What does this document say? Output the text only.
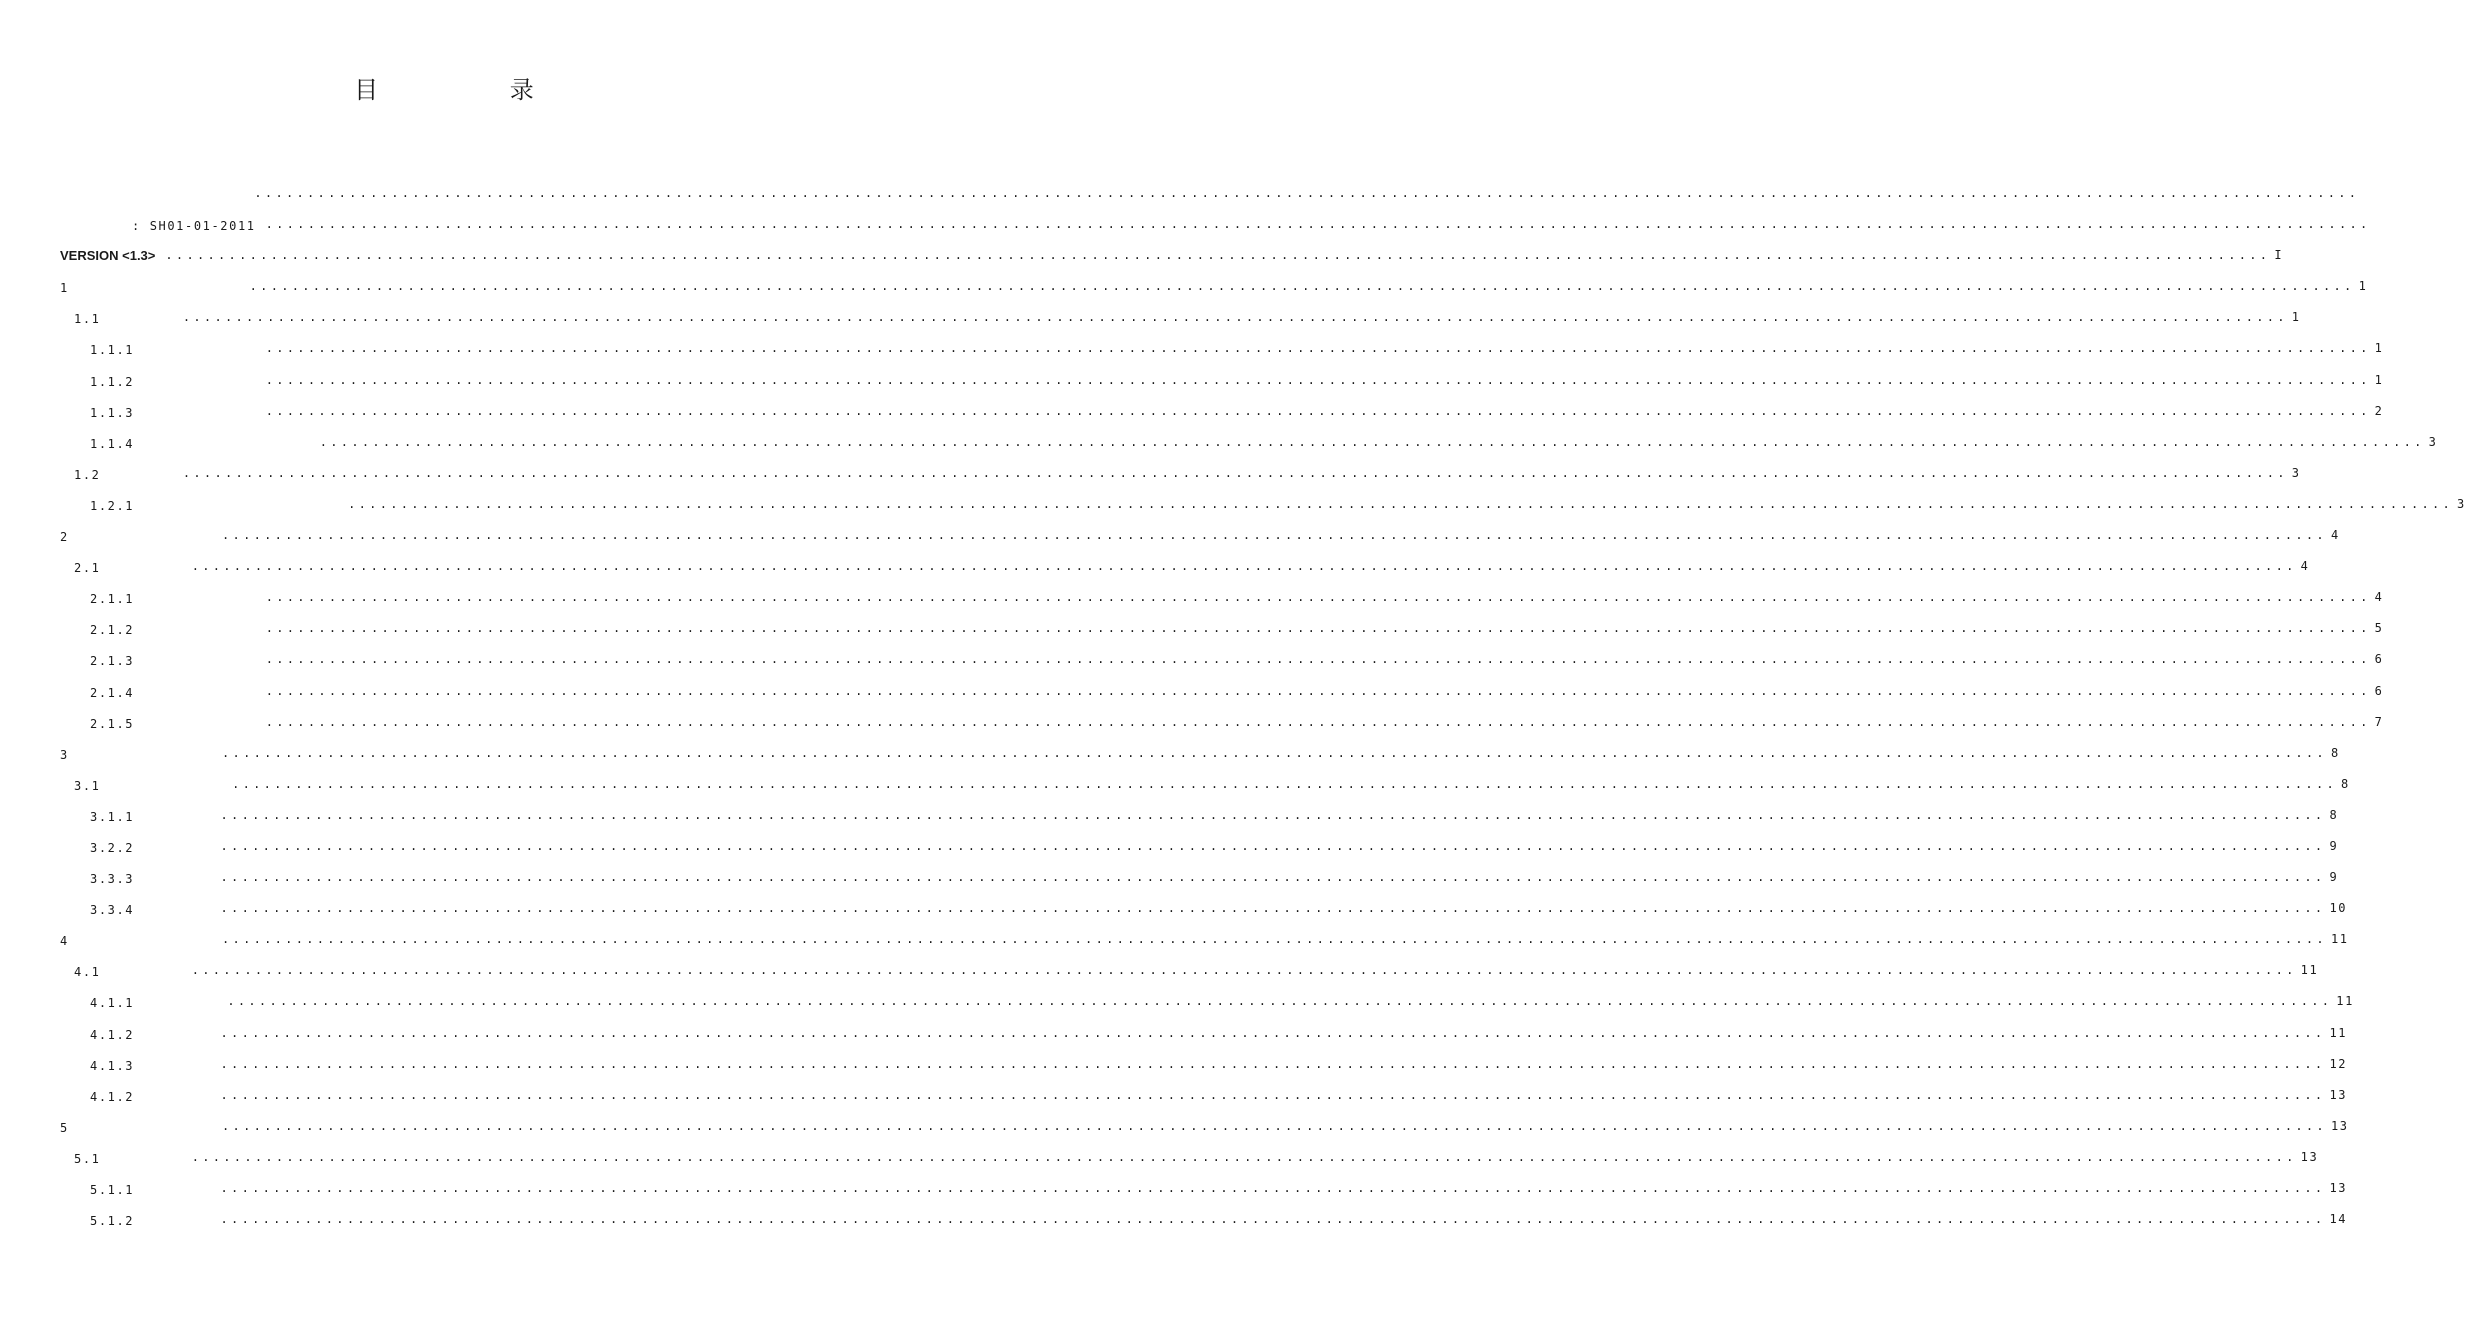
目 录

........................................................................................................................................................................................................

　　　　  : SH01-01-2011 ........................................................................................................................................................................................................

VERSION <1.3> ........................................................................................................................................................................................................ I
1　　　　　　　　	........................................................................................................................................................................................................ 1
1.1　　　　 ........................................................................................................................................................................................................ 1
1.1.1　　　　　　	........................................................................................................................................................................................................ 1
1.1.2　　　　　　	........................................................................................................................................................................................................ 1
1.1.3　　　　　　	........................................................................................................................................................................................................ 2
1.1.4 　　　　　　　　	........................................................................................................................................................................................................ 3
1.2　　　　 ........................................................................................................................................................................................................ 3
1.2.1　　　　　　　　　　	........................................................................................................................................................................................................ 3
2　　　　　　　	........................................................................................................................................................................................................ 4
2.1 　　　　 ........................................................................................................................................................................................................ 4
2.1.1　　　　　　	........................................................................................................................................................................................................ 4
2.1.2　　　　　　	........................................................................................................................................................................................................ 5
2.1.3　　　　　　	........................................................................................................................................................................................................ 6
2.1.4　　　　　　	........................................................................................................................................................................................................ 6
2.1.5　　　　　　	........................................................................................................................................................................................................ 7
3　　　　　　　	........................................................................................................................................................................................................ 8
3.1　　　　　　	........................................................................................................................................................................................................ 8
3.1.1　　　　	........................................................................................................................................................................................................ 8
3.2.2　　　　	........................................................................................................................................................................................................ 9
3.3.3　　　　	........................................................................................................................................................................................................ 9
3.3.4　　　　	........................................................................................................................................................................................................ 10
4　　　　　　　	........................................................................................................................................................................................................ 11
4.1 　　　　 ........................................................................................................................................................................................................ 11
4.1.1 　　　　	........................................................................................................................................................................................................ 11
4.1.2　　　　	........................................................................................................................................................................................................ 11
4.1.3　　　　	........................................................................................................................................................................................................ 12
4.1.2　　　　	........................................................................................................................................................................................................ 13
5　　　　　　　	........................................................................................................................................................................................................ 13
5.1 　　　　 ........................................................................................................................................................................................................ 13
5.1.1　　　　	........................................................................................................................................................................................................ 13
5.1.2　　　　	........................................................................................................................................................................................................ 14
